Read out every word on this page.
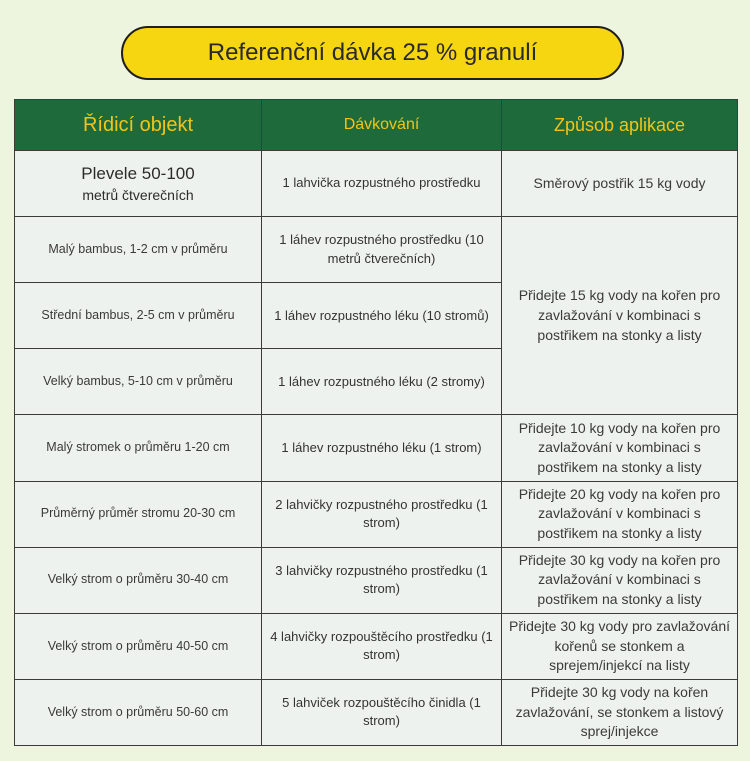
Referenční dávka 25 % granulí
Řídicí objekt	Dávkování	Způsob aplikace

Plevele 50-100
metrů čtverečních	1 lahvička rozpustného prostředku	Směrový postřik 15 kg vody
Malý bambus, 1-2 cm v průměru	1 láhev rozpustného prostředku (10 metrů čtverečních)	Přidejte 15 kg vody na kořen pro zavlažování v kombinaci s postřikem na stonky a listy
Střední bambus, 2-5 cm v průměru	1 láhev rozpustného léku (10 stromů)	
Velký bambus, 5-10 cm v průměru	1 láhev rozpustného léku (2 stromy)	
Malý stromek o průměru 1-20 cm	1 láhev rozpustného léku (1 strom)	Přidejte 10 kg vody na kořen pro zavlažování v kombinaci s postřikem na stonky a listy
Průměrný průměr stromu 20-30 cm	2 lahvičky rozpustného prostředku (1 strom)	Přidejte 20 kg vody na kořen pro zavlažování v kombinaci s postřikem na stonky a listy
Velký strom o průměru 30-40 cm	3 lahvičky rozpustného prostředku (1 strom)	Přidejte 30 kg vody na kořen pro zavlažování v kombinaci s postřikem na stonky a listy
Velký strom o průměru 40-50 cm	4 lahvičky rozpouštěcího prostředku (1 strom)	Přidejte 30 kg vody pro zavlažování kořenů se stonkem a sprejem/injekcí na listy
Velký strom o průměru 50-60 cm	5 lahviček rozpouštěcího činidla (1 strom)	Přidejte 30 kg vody na kořen zavlažování, se stonkem a listový sprej/injekce
